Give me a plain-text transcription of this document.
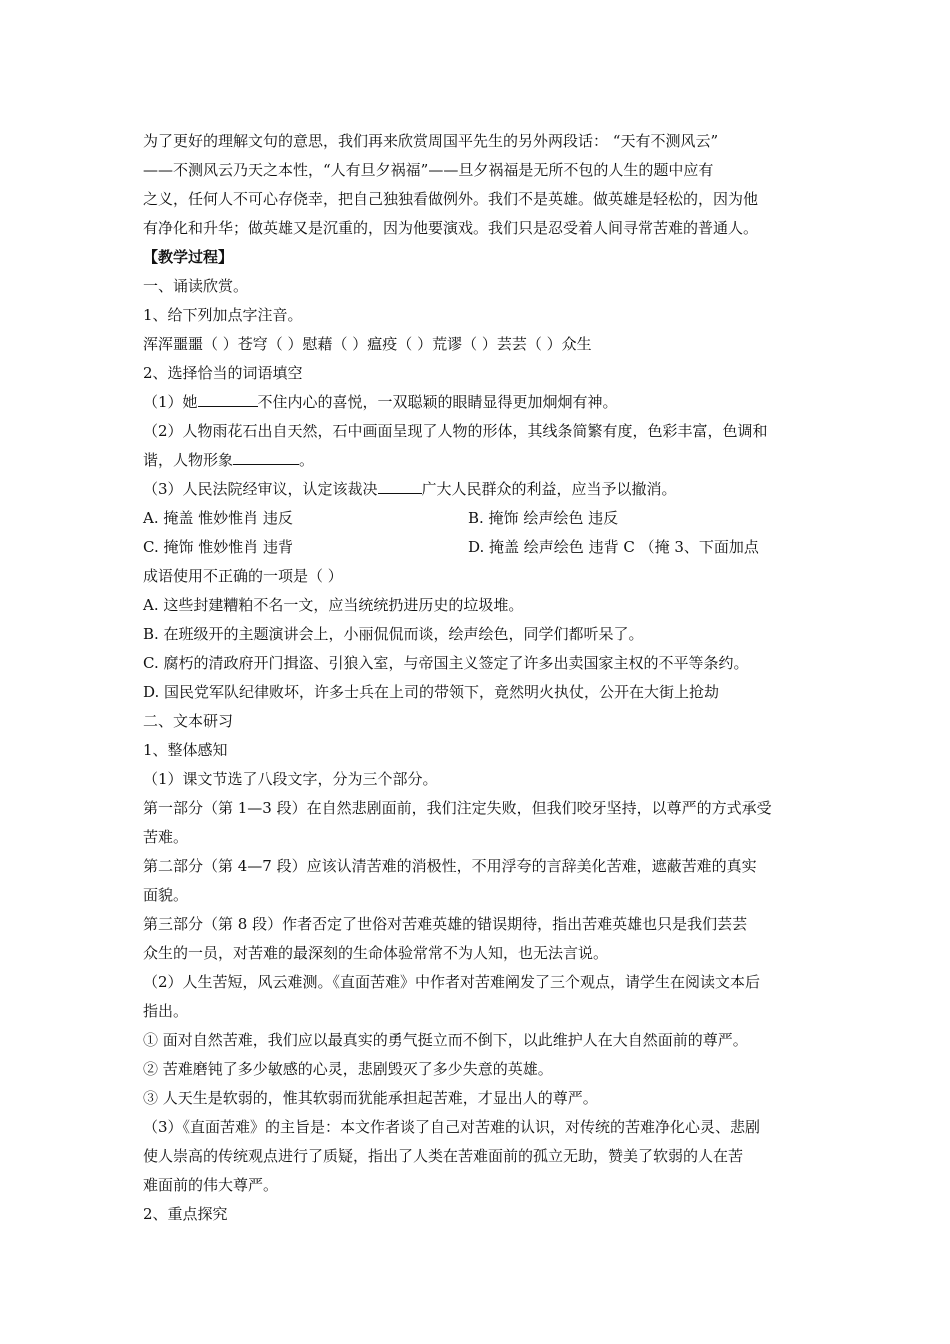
为了更好的理解文句的意思，我们再来欣赏周国平先生的另外两段话： “天有不测风云”
——不测风云乃天之本性，“人有旦夕祸福”——旦夕祸福是无所不包的人生的题中应有
之义，任何人不可心存侥幸，把自己独独看做例外。我们不是英雄。做英雄是轻松的，因为他
有净化和升华；做英雄又是沉重的，因为他要演戏。我们只是忍受着人间寻常苦难的普通人。
【教学过程】
一、诵读欣赏。
1、给下列加点字注音。
浑浑噩噩（ ）苍穹（ ）慰藉（ ）瘟疫（ ）荒谬（ ）芸芸（ ）众生
2、选择恰当的词语填空
（1）她	不住内心的喜悦，一双聪颖的眼睛显得更加炯炯有神。
（2）人物雨花石出自天然，石中画面呈现了人物的形体，其线条简繁有度，色彩丰富，色调和
谐，人物形象	。
（3）人民法院经审议，认定该裁决	广大人民群众的利益，应当予以撤消。
A. 掩盖 惟妙惟肖 违反	B. 掩饰 绘声绘色 违反
C. 掩饰 惟妙惟肖 违背	D. 掩盖 绘声绘色 违背 C （掩 3、下面加点
成语使用不正确的一项是（ ）
A. 这些封建糟粕不名一文，应当统统扔进历史的垃圾堆。
B. 在班级开的主题演讲会上，小丽侃侃而谈，绘声绘色，同学们都听呆了。
C. 腐朽的清政府开门揖盗、引狼入室，与帝国主义签定了许多出卖国家主权的不平等条约。
D. 国民党军队纪律败坏，许多士兵在上司的带领下，竟然明火执仗，公开在大街上抢劫
二、文本研习
1、整体感知
（1）课文节选了八段文字，分为三个部分。
第一部分（第 1—3 段）在自然悲剧面前，我们注定失败，但我们咬牙坚持，以尊严的方式承受
苦难。
第二部分（第 4—7 段）应该认清苦难的消极性，不用浮夸的言辞美化苦难，遮蔽苦难的真实
面貌。
第三部分（第 8 段）作者否定了世俗对苦难英雄的错误期待，指出苦难英雄也只是我们芸芸
众生的一员，对苦难的最深刻的生命体验常常不为人知，也无法言说。
（2）人生苦短，风云难测。《直面苦难》中作者对苦难阐发了三个观点，请学生在阅读文本后
指出。
① 面对自然苦难，我们应以最真实的勇气挺立而不倒下，以此维护人在大自然面前的尊严。
② 苦难磨钝了多少敏感的心灵，悲剧毁灭了多少失意的英雄。
③ 人天生是软弱的，惟其软弱而犹能承担起苦难，才显出人的尊严。
（3）《直面苦难》的主旨是：本文作者谈了自己对苦难的认识，对传统的苦难净化心灵、悲剧
使人崇高的传统观点进行了质疑，指出了人类在苦难面前的孤立无助，赞美了软弱的人在苦
难面前的伟大尊严。
2、重点探究
